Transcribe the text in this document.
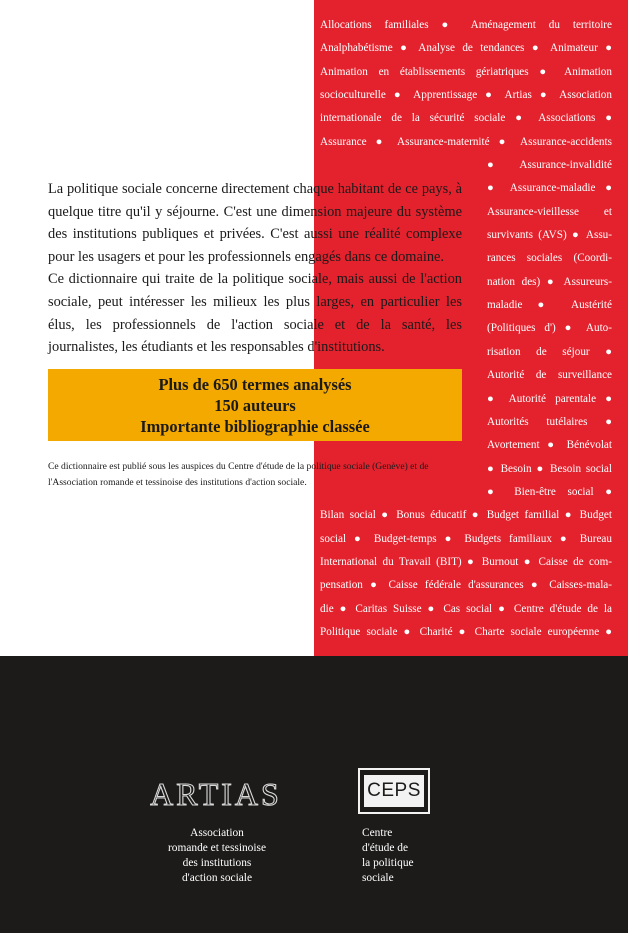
Allocations familiales ● Aménagement du territoire
Analphabétisme ● Analyse de tendances ● Animateur ●
Animation en établissements gériatriques ● Animation
socioculturelle ● Apprentissage ● Artias ● Association
internationale de la sécurité sociale ● Associations ●
Assurance ● Assurance-maternité ● Assurance-accidents
● Assurance-invalidité
● Assurance-maladie ●
Assurance-vieillesse et
survivants (AVS) ● Assu-
rances sociales (Coordi-
nation des) ● Assureurs-
maladie ● Austérité
(Politiques d') ● Auto-
risation de séjour ●
Autorité de surveillance
● Autorité parentale ●
Autorités tutélaires ●
Avortement ● Bénévolat
● Besoin ● Besoin social
● Bien-être social ●
Bilan social ● Bonus éducatif ● Budget familial ● Budget
social ● Budget-temps ● Budgets familiaux ● Bureau
International du Travail (BIT) ● Burnout ● Caisse de com-
pensation ● Caisse fédérale d'assurances ● Caisses-mala-
die ● Caritas Suisse ● Cas social ● Centre d'étude de la
Politique sociale ● Charité ● Charte sociale européenne ●

La politique sociale concerne directement chaque habitant de ce pays, à quelque titre qu'il y séjourne. C'est une dimension majeure du système des institutions publiques et privées. C'est aussi une réalité complexe pour les usagers et pour les professionnels engagés dans ce domaine.

Ce dictionnaire qui traite de la politique sociale, mais aussi de l'action sociale, peut intéresser les milieux les plus larges, en particulier les élus, les professionnels de l'action sociale et de la santé, les journalistes, les étudiants et les responsables d'institutions.

Plus de 650 termes analysés
150 auteurs
Importante bibliographie classée
Ce dictionnaire est publié sous les auspices du Centre d'étude de la politique sociale (Genève) et de l'Association romande et tessinoise des institutions d'action sociale.
ARTIAS
Association
romande et tessinoise
des institutions
d'action sociale
CEPS
Centre
d'étude de
la politique
sociale
